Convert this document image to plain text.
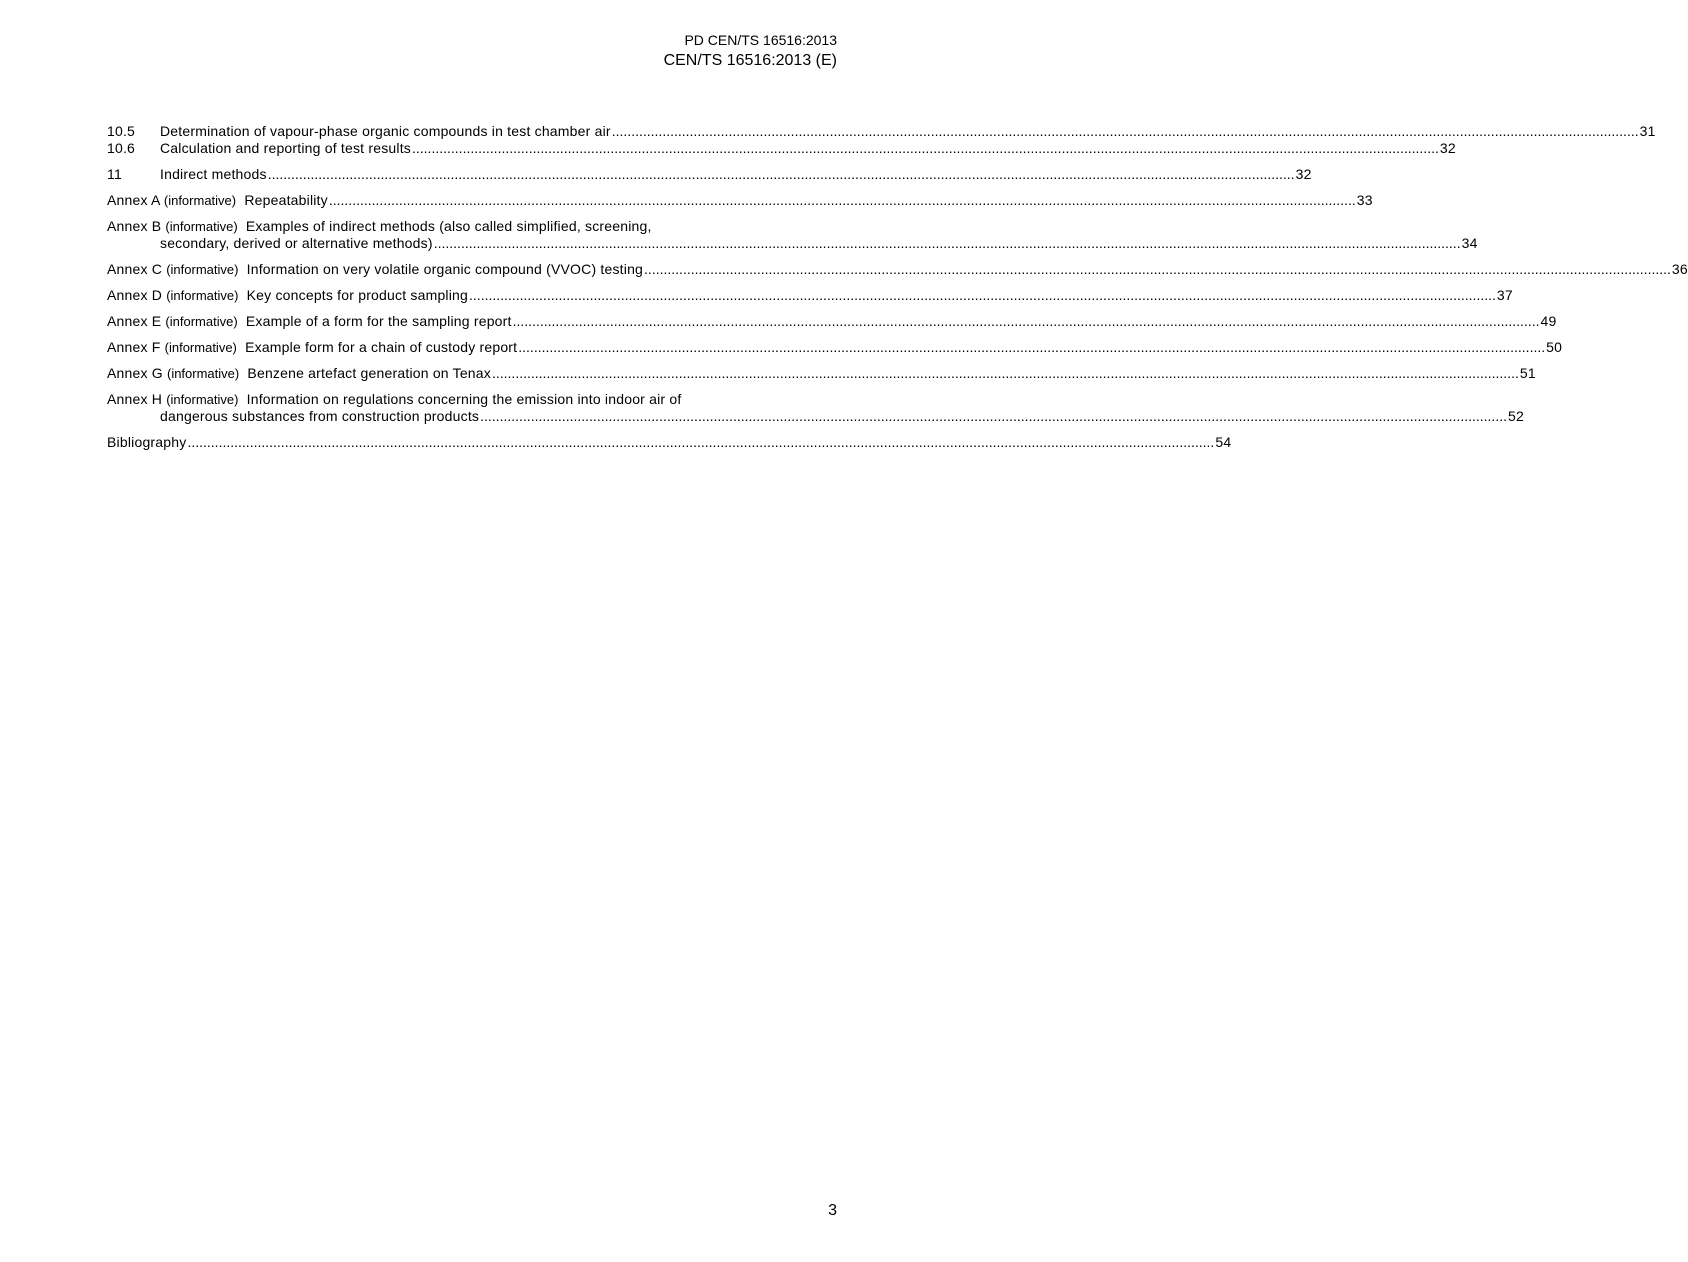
PD CEN/TS 16516:2013
CEN/TS 16516:2013 (E)
10.5	Determination of vapour-phase organic compounds in test chamber air .....	31
10.6	Calculation and reporting of test results .....	32
11	Indirect methods .....	32
Annex A (informative) Repeatability .....	33
Annex B (informative) Examples of indirect methods (also called simplified, screening,
secondary, derived or alternative methods) .....	34
Annex C (informative) Information on very volatile organic compound (VVOC) testing .....	36
Annex D (informative) Key concepts for product sampling .....	37
Annex E (informative) Example of a form for the sampling report .....	49
Annex F (informative) Example form for a chain of custody report .....	50
Annex G (informative) Benzene artefact generation on Tenax .....	51
Annex H (informative) Information on regulations concerning the emission into indoor air of
dangerous substances from construction products .....	52
Bibliography .....	54
3
